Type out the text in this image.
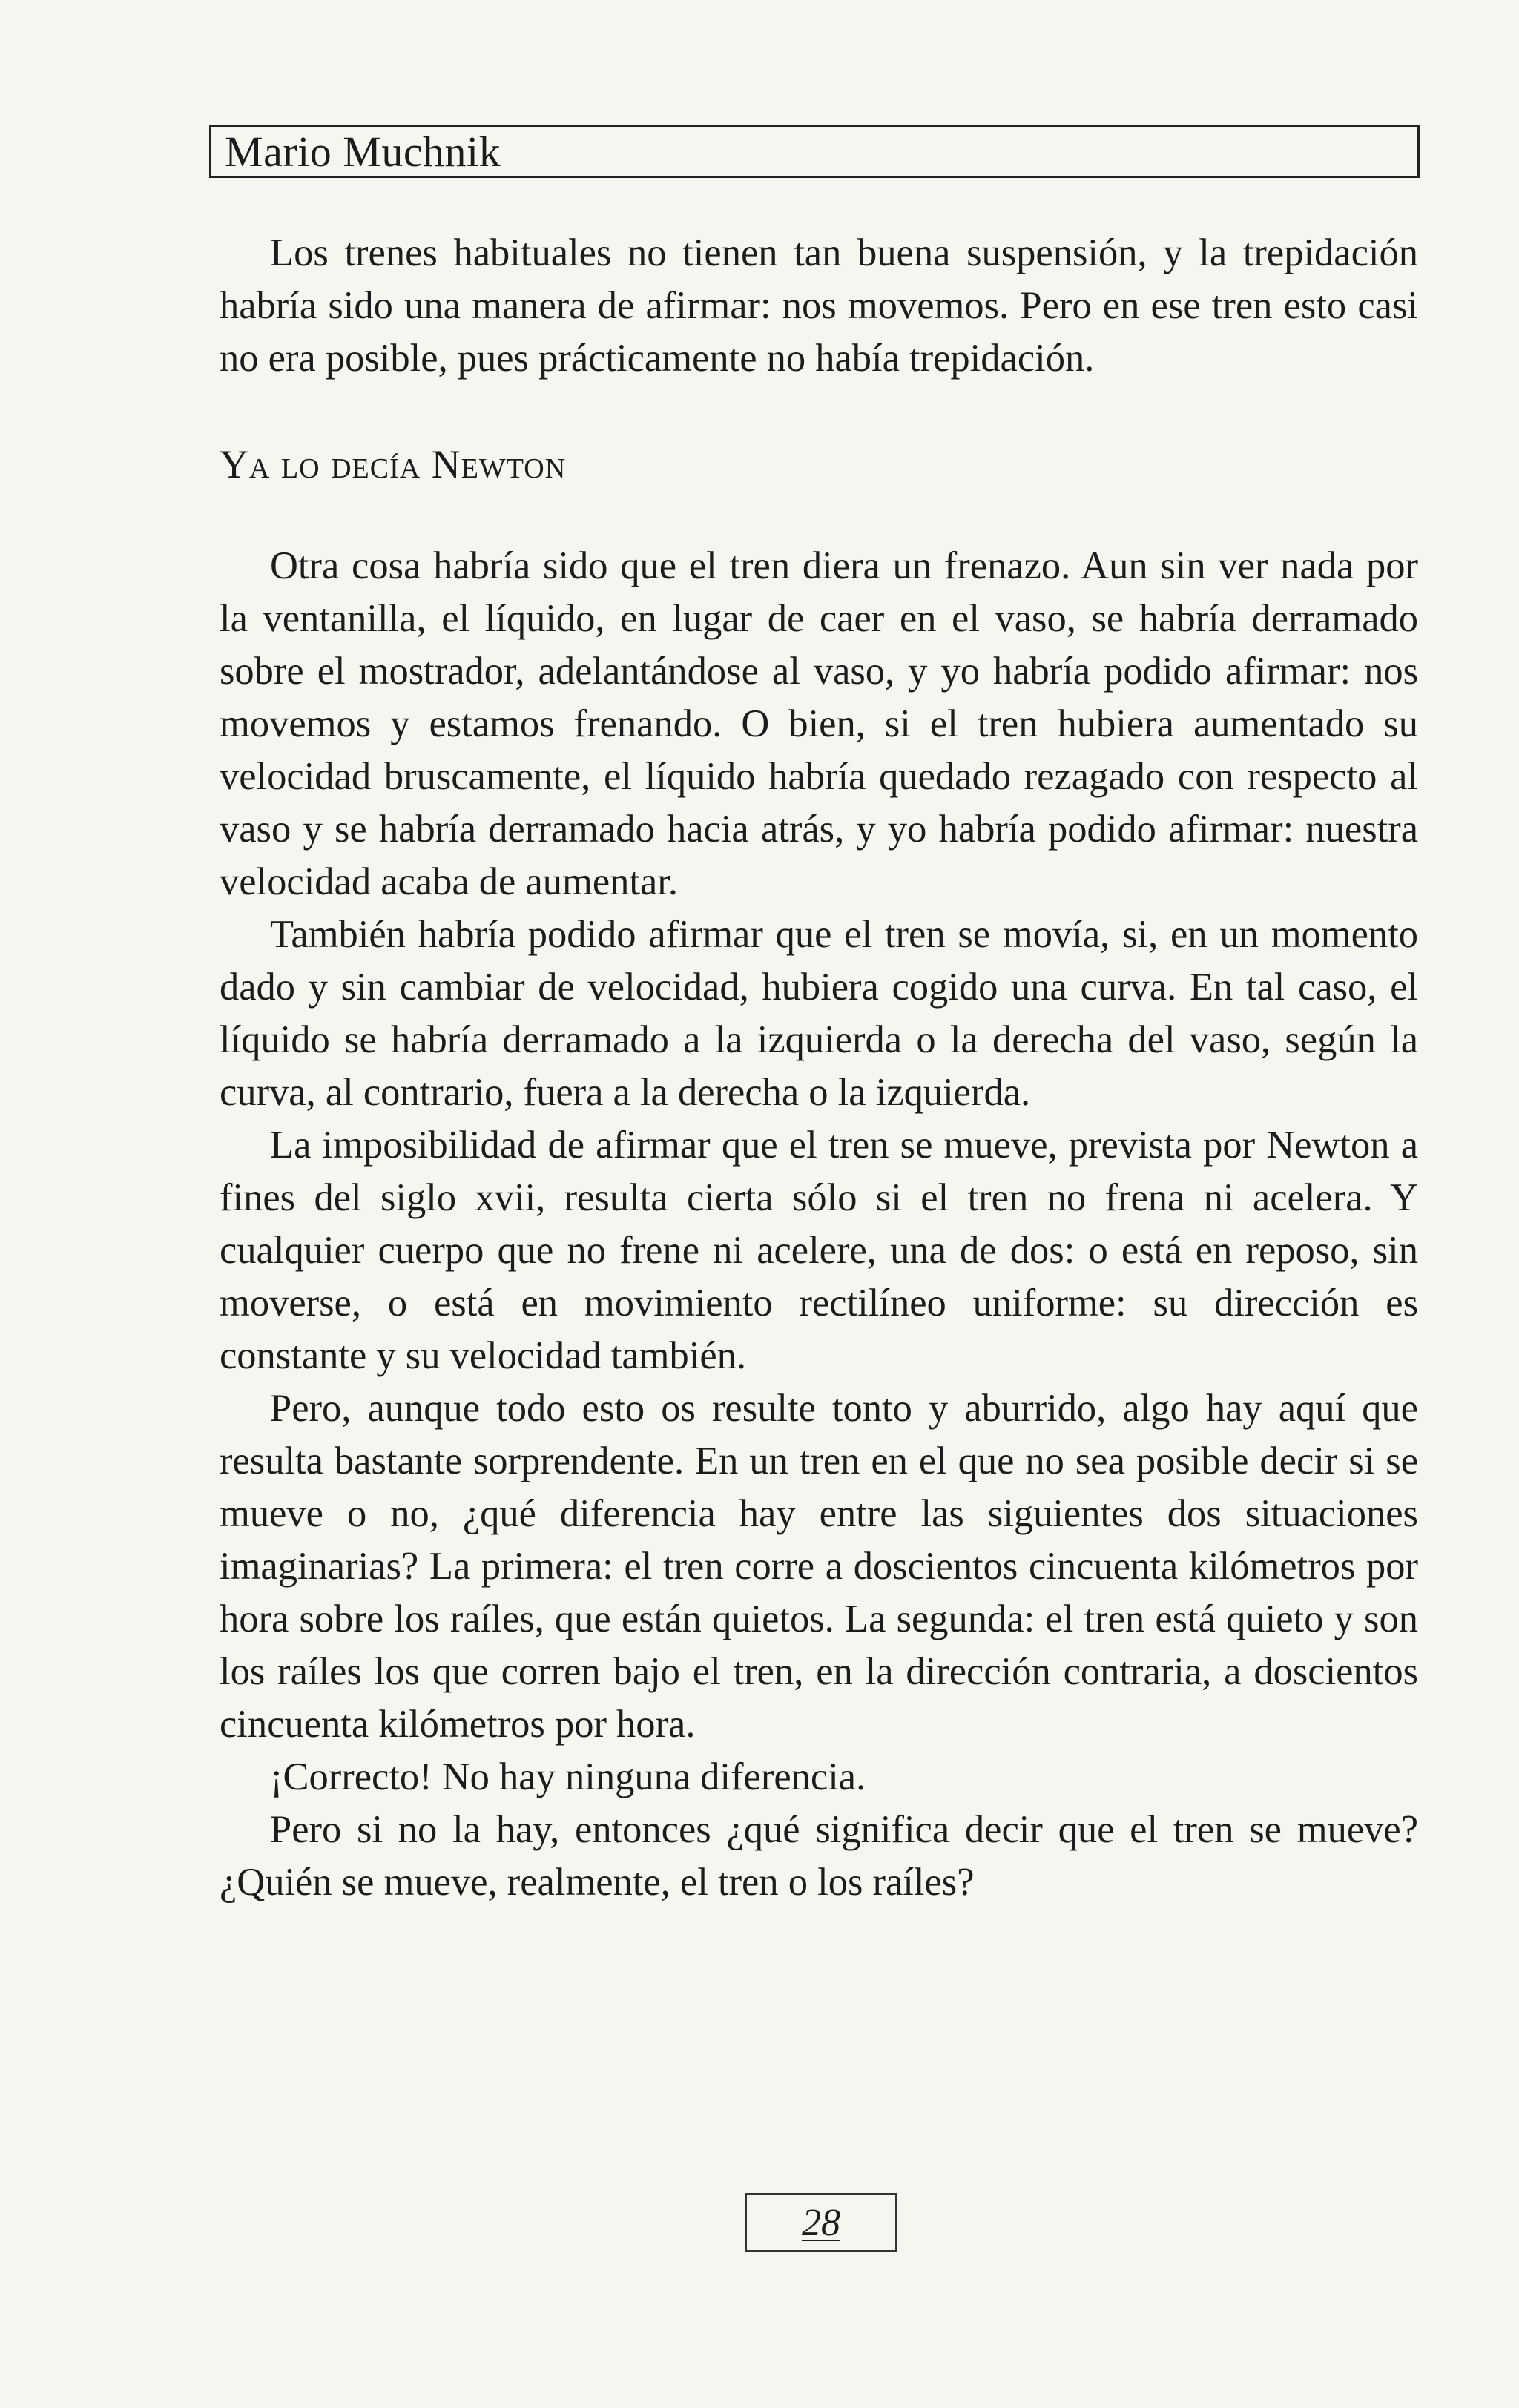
Mario Muchnik

Los trenes habituales no tienen tan buena suspensión, y la trepidación habría sido una manera de afirmar: nos movemos. Pero en ese tren esto casi no era posible, pues prácticamente no había trepidación.

Ya lo decía Newton

Otra cosa habría sido que el tren diera un frenazo. Aun sin ver nada por la ventanilla, el líquido, en lugar de caer en el vaso, se habría derramado sobre el mostrador, adelantándose al vaso, y yo habría podido afirmar: nos movemos y estamos frenando. O bien, si el tren hubiera aumentado su velocidad bruscamente, el líquido habría quedado rezagado con respecto al vaso y se habría derramado hacia atrás, y yo habría podido afirmar: nuestra velocidad acaba de aumentar.

También habría podido afirmar que el tren se movía, si, en un momento dado y sin cambiar de velocidad, hubiera cogido una curva. En tal caso, el líquido se habría derramado a la izquierda o la derecha del vaso, según la curva, al contrario, fuera a la derecha o la izquierda.

La imposibilidad de afirmar que el tren se mueve, prevista por Newton a fines del siglo xvii, resulta cierta sólo si el tren no frena ni acelera. Y cualquier cuerpo que no frene ni acelere, una de dos: o está en reposo, sin moverse, o está en movimiento rectilíneo uniforme: su dirección es constante y su velocidad también.

Pero, aunque todo esto os resulte tonto y aburrido, algo hay aquí que resulta bastante sorprendente. En un tren en el que no sea posible decir si se mueve o no, ¿qué diferencia hay entre las siguientes dos situaciones imaginarias? La primera: el tren corre a doscientos cincuenta kilómetros por hora sobre los raíles, que están quietos. La segunda: el tren está quieto y son los raíles los que corren bajo el tren, en la dirección contraria, a doscientos cincuenta kilómetros por hora.

¡Correcto! No hay ninguna diferencia.

Pero si no la hay, entonces ¿qué significa decir que el tren se mueve? ¿Quién se mueve, realmente, el tren o los raíles?

28
